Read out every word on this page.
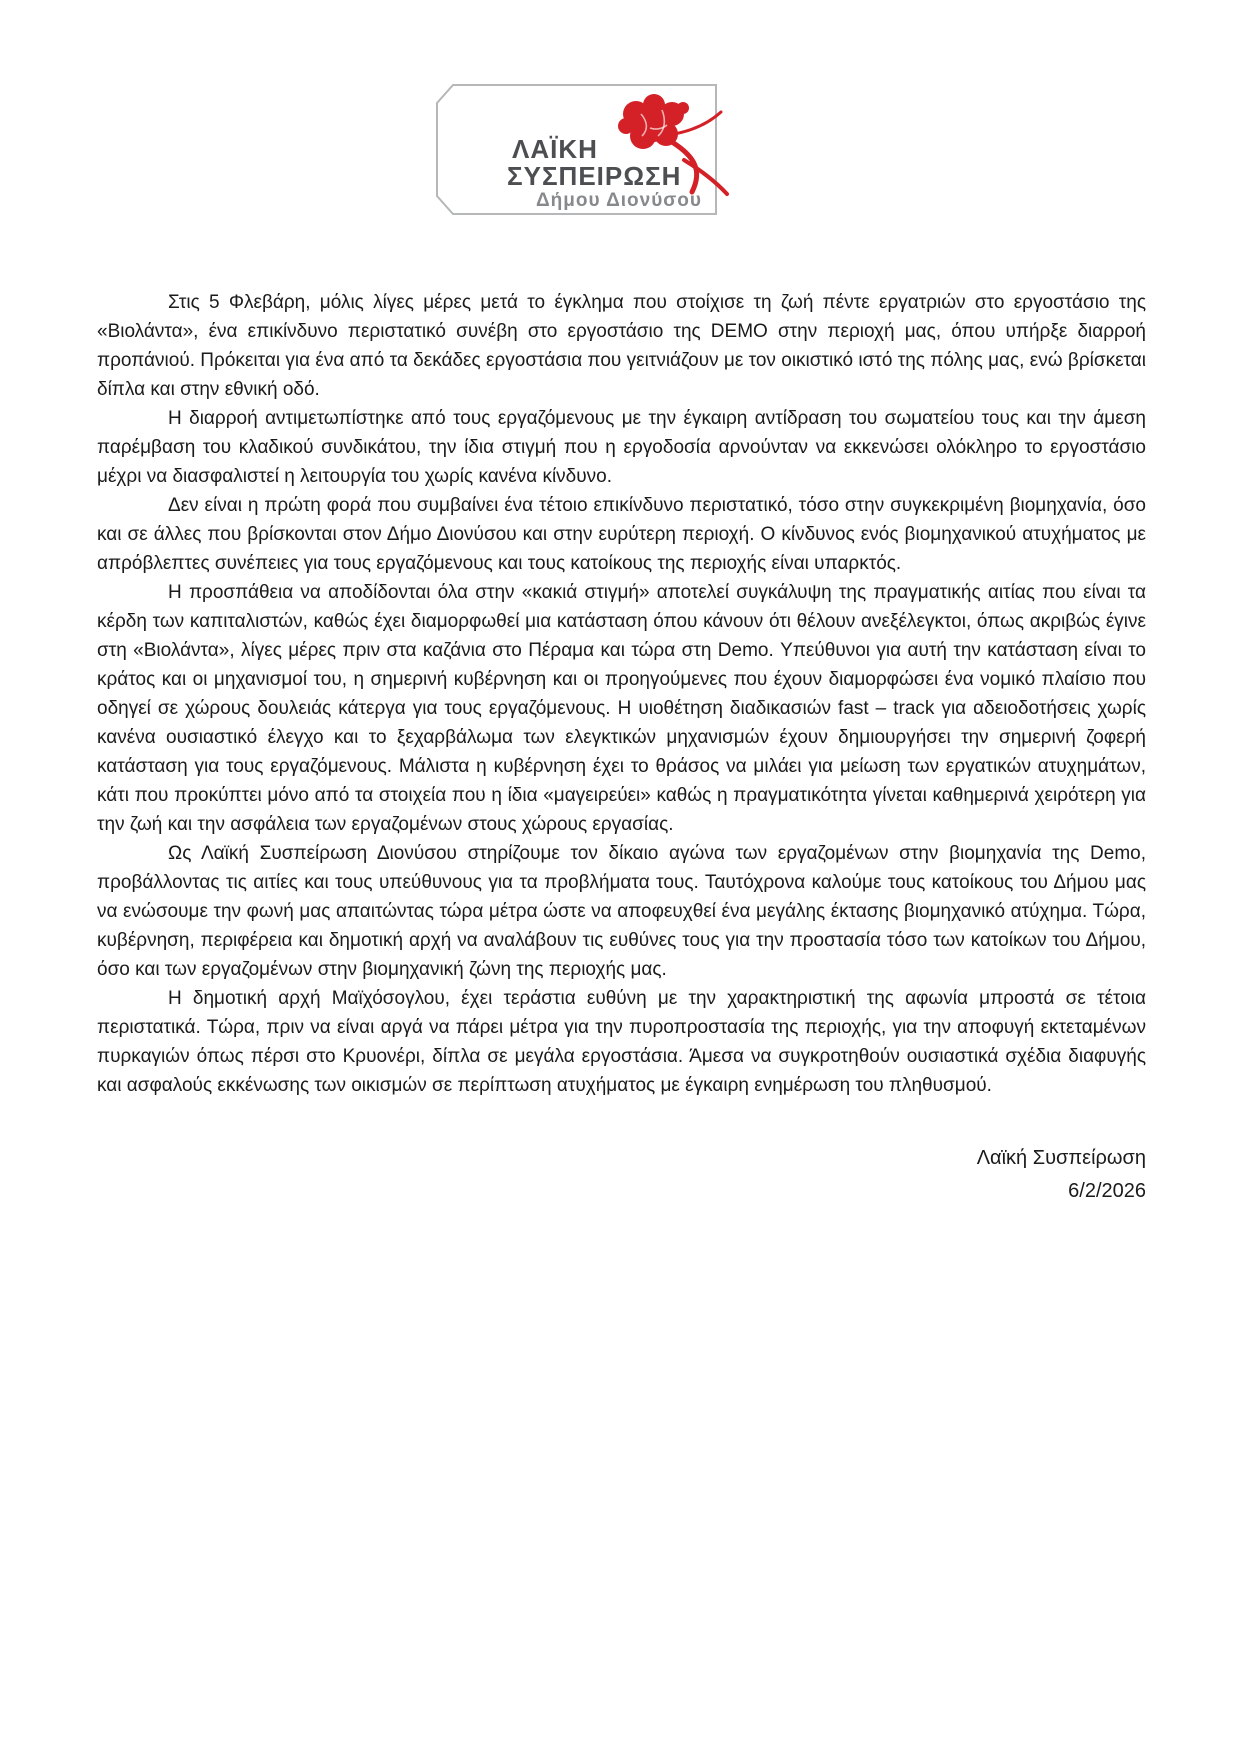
ΛΑΪΚΗ
ΣΥΣΠΕΙΡΩΣΗ
Δήμου Διονύσου

Στις 5 Φλεβάρη, μόλις λίγες μέρες μετά το έγκλημα που στοίχισε τη ζωή πέντε εργατριών στο εργοστάσιο της «Βιολάντα», ένα επικίνδυνο περιστατικό συνέβη στο εργοστάσιο της DEMO στην περιοχή μας, όπου υπήρξε διαρροή προπάνιού. Πρόκειται για ένα από τα δεκάδες εργοστάσια που γειτνιάζουν με τον οικιστικό ιστό της πόλης μας, ενώ βρίσκεται δίπλα και στην εθνική οδό.

Η διαρροή αντιμετωπίστηκε από τους εργαζόμενους με την έγκαιρη αντίδραση του σωματείου τους και την άμεση παρέμβαση του κλαδικού συνδικάτου, την ίδια στιγμή που η εργοδοσία αρνούνταν να εκκενώσει ολόκληρο το εργοστάσιο μέχρι να διασφαλιστεί η λειτουργία του χωρίς κανένα κίνδυνο.

Δεν είναι η πρώτη φορά που συμβαίνει ένα τέτοιο επικίνδυνο περιστατικό, τόσο στην συγκεκριμένη βιομηχανία, όσο και σε άλλες που βρίσκονται στον Δήμο Διονύσου και στην ευρύτερη περιοχή. Ο κίνδυνος ενός βιομηχανικού ατυχήματος με απρόβλεπτες συνέπειες για τους εργαζόμενους και τους κατοίκους της περιοχής είναι υπαρκτός.

Η προσπάθεια να αποδίδονται όλα στην «κακιά στιγμή» αποτελεί συγκάλυψη της πραγματικής αιτίας που είναι τα κέρδη των καπιταλιστών, καθώς έχει διαμορφωθεί μια κατάσταση όπου κάνουν ότι θέλουν ανεξέλεγκτοι, όπως ακριβώς έγινε στη «Βιολάντα», λίγες μέρες πριν στα καζάνια στο Πέραμα και τώρα στη Demo. Υπεύθυνοι για αυτή την κατάσταση είναι το κράτος και οι μηχανισμοί του, η σημερινή κυβέρνηση και οι προηγούμενες που έχουν διαμορφώσει ένα νομικό πλαίσιο που οδηγεί σε χώρους δουλειάς κάτεργα για τους εργαζόμενους. Η υιοθέτηση διαδικασιών fast – track για αδειοδοτήσεις χωρίς κανένα ουσιαστικό έλεγχο και το ξεχαρβάλωμα των ελεγκτικών μηχανισμών έχουν δημιουργήσει την σημερινή ζοφερή κατάσταση για τους εργαζόμενους. Μάλιστα η κυβέρνηση έχει το θράσος να μιλάει για μείωση των εργατικών ατυχημάτων, κάτι που προκύπτει μόνο από τα στοιχεία που η ίδια «μαγειρεύει» καθώς η πραγματικότητα γίνεται καθημερινά χειρότερη για την ζωή και την ασφάλεια των εργαζομένων στους χώρους εργασίας.

Ως Λαϊκή Συσπείρωση Διονύσου στηρίζουμε τον δίκαιο αγώνα των εργαζομένων στην βιομηχανία της Demo, προβάλλοντας τις αιτίες και τους υπεύθυνους για τα προβλήματα τους. Ταυτόχρονα καλούμε τους κατοίκους του Δήμου μας να ενώσουμε την φωνή μας απαιτώντας τώρα μέτρα ώστε να αποφευχθεί ένα μεγάλης έκτασης βιομηχανικό ατύχημα. Τώρα, κυβέρνηση, περιφέρεια και δημοτική αρχή να αναλάβουν τις ευθύνες τους για την προστασία τόσο των κατοίκων του Δήμου, όσο και των εργαζομένων στην βιομηχανική ζώνη της περιοχής μας.

Η δημοτική αρχή Μαϊχόσογλου, έχει τεράστια ευθύνη με την χαρακτηριστική της αφωνία μπροστά σε τέτοια περιστατικά. Τώρα, πριν να είναι αργά να πάρει μέτρα για την πυροπροστασία της περιοχής, για την αποφυγή εκτεταμένων πυρκαγιών όπως πέρσι στο Κρυονέρι, δίπλα σε μεγάλα εργοστάσια. Άμεσα να συγκροτηθούν ουσιαστικά σχέδια διαφυγής και ασφαλούς εκκένωσης των οικισμών σε περίπτωση ατυχήματος με έγκαιρη ενημέρωση του πληθυσμού.

Λαϊκή Συσπείρωση
6/2/2026
